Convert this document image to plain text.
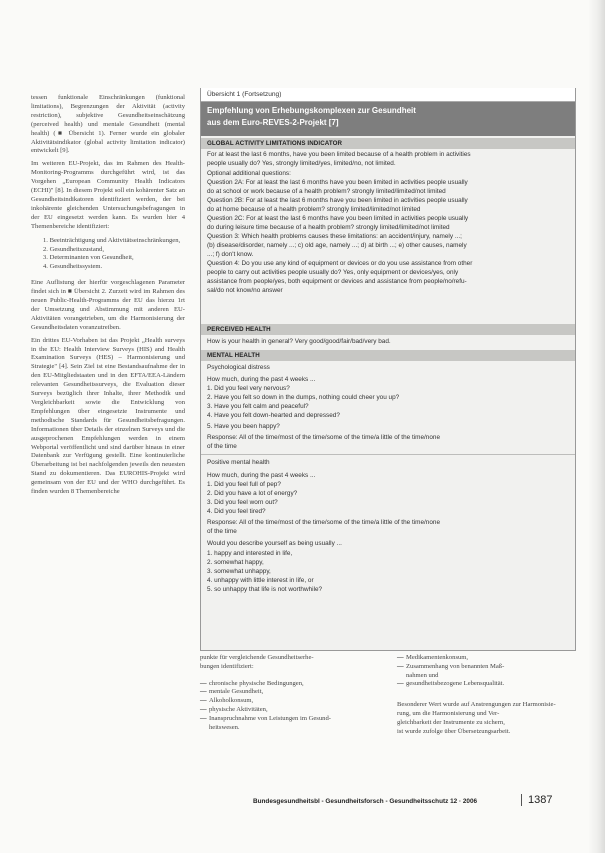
tessen funktionale Einschränkungen (funktional limitations), Begrenzungen der Aktivität (activity restriction), subjektive Gesundheitseinschätzung (perceived health) und mentale Gesundheit (mental health) (■ Übersicht 1). Ferner wurde ein globaler Aktivitätsindikator (global activity limitation indicator) entwickelt [9].

Im weiteren EU-Projekt, das im Rahmen des Health-Monitoring-Programms durchgeführt wird, ist das Vorgehen „European Community Health Indicators (ECHI)" [8]. In diesem Projekt soll ein kohärenter Satz an Gesundheitsindikatoren identifiziert werden, der bei inkohärente gleichenden Untersuchungsbefragungen in der EU eingesetzt werden kann. Es wurden hier 4 Themenbereiche identifiziert:

1. Beeinträchtigung und Aktivitätseinschränkungen,
2. Gesundheitszustand,
3. Determinanten von Gesundheit,
4. Gesundheitssystem.

Eine Auflistung der hierfür vorgeschlagenen Parameter findet sich in ■ Übersicht 2. Zurzeit wird im Rahmen des neuen Public-Health-Programms der EU das hierzu 1rt der Umsetzung und Abstimmung mit anderen EU-Aktivitäten vorangetrieben, um die Harmonisierung der Gesundheitsdaten voranzutreiben.

Ein drittes EU-Vorhaben ist das Projekt „Health surveys in the EU: Health Interview Surveys (HIS) and Health Examination Surveys (HES) – Harmonisierung und Strategie" [4]. Sein Ziel ist eine Bestandsaufnahme der in den EU-Mitgliedstaaten und in den EFTA/EEA-Ländern relevanten Gesundheitssurveys, die Evaluation dieser Surveys bezüglich ihrer Inhalte, ihrer Methodik und Vergleichbarkeit sowie die Entwicklung von Empfehlungen über eingesetzte Instrumente und methodische Standards für Gesundheitsbefragungen. Informationen über Details der einzelnen Surveys und die ausgeprochenen Empfehlungen werden in einem Webportal veröffentlicht und sind darüber hinaus in einer Datenbank zur Verfügung gestellt. Eine kontinuierliche Überarbeitung ist bei nachfolgenden jeweils den neuesten Stand zu dokumentieren. Das EUROHIS-Projekt wird gemeinsam von der EU und der WHO durchgeführt. Es finden wurden 8 Themenbereiche

Übersicht 1 (Fortsetzung)
Empfehlung von Erhebungskomplexen zur Gesundheit
aus dem Euro-REVES-2-Projekt [7]
GLOBAL ACTIVITY LIMITATIONS INDICATOR
For at least the last 6 months, have you been limited because of a health problem in activities
people usually do? Yes, strongly limited/yes, limited/no, not limited.
Optional additional questions:
Question 2A: For at least the last 6 months have you been limited in activities people usually
do at school or work because of a health problem? strongly limited/limited/not limited
Question 2B: For at least the last 6 months have you been limited in activities people usually
do at home because of a health problem? strongly limited/limited/not limited
Question 2C: For at least the last 6 months have you been limited in activities people usually
do during leisure time because of a health problem? strongly limited/limited/not limited
Question 3: Which health problems causes these limitations: an accident/injury, namely ...;
(b) disease/disorder, namely ...; c) old age, namely ...; d) at birth ...; e) other causes, namely
...; f) don't know.
Question 4: Do you use any kind of equipment or devices or do you use assistance from other
people to carry out activities people usually do? Yes, only equipment or devices/yes, only
assistance from people/yes, both equipment or devices and assistance from people/no/refu-
sal/do not know/no answer
PERCEIVED HEALTH
How is your health in general? Very good/good/fair/bad/very bad.
MENTAL HEALTH
Psychological distress
How much, during the past 4 weeks ...
1. Did you feel very nervous?
2. Have you felt so down in the dumps, nothing could cheer you up?
3. Have you felt calm and peaceful?
4. Have you felt down-hearted and depressed?
5. Have you been happy?
Response: All of the time/most of the time/some of the time/a little of the time/none
of the time
Positive mental health
How much, during the past 4 weeks ...
1. Did you feel full of pep?
2. Did you have a lot of energy?
3. Did you feel worn out?
4. Did you feel tired?
Response: All of the time/most of the time/some of the time/a little of the time/none
of the time
Would you describe yourself as being usually ...
1. happy and interested in life,
2. somewhat happy,
3. somewhat unhappy,
4. unhappy with little interest in life, or
5. so unhappy that life is not worthwhile?
punkte für vergleichende Gesundheitserhe-
bungen identifiziert:
— chronische physische Bedingungen,
— mentale Gesundheit,
— Alkoholkonsum,
— physische Aktivitäten,
— Inanspruchnahme von Leistungen im Gesund-
heitswesen.
— Medikamentenkonsum,
— Zusammenhang von benannten Maß-
nahmen und
— gesundheitsbezogene Lebensqualität.
Besonderer Wert wurde auf Anstrengungen zur Harmonisie-
rung, um die Harmonisierung und Ver-
gleichbarkeit der Instrumente zu sichern,
ist wurde zufolge über Übersetzungsarbeit.
Bundesgesundheitsbl - Gesundheitsforsch - Gesundheitsschutz 12 · 2006	1387
